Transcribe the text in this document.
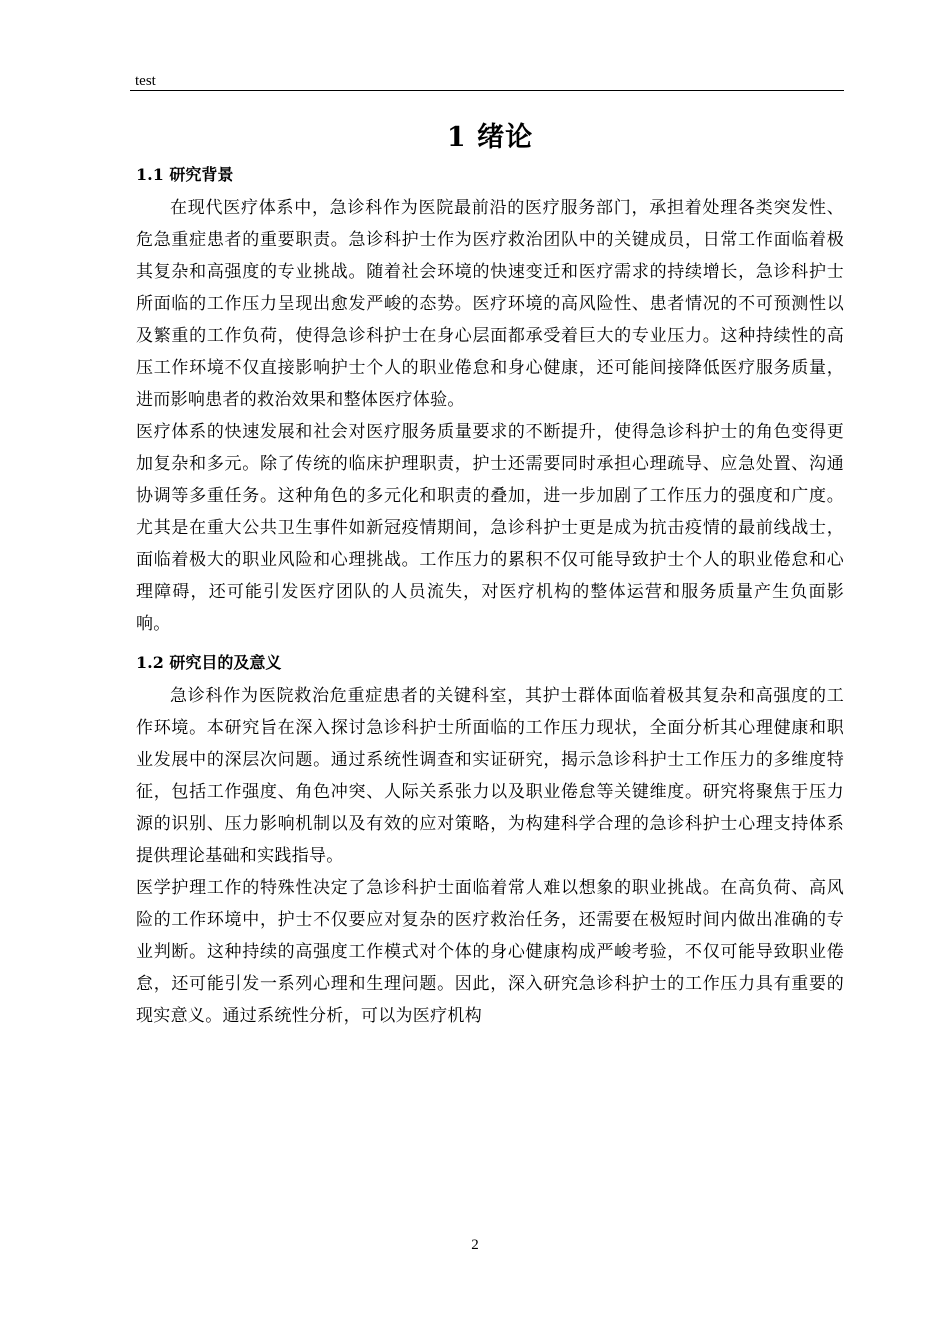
test
1 绪论
1.1 研究背景

在现代医疗体系中，急诊科作为医院最前沿的医疗服务部门，承担着处理各类突发性、危急重症患者的重要职责。急诊科护士作为医疗救治团队中的关键成员，日常工作面临着极其复杂和高强度的专业挑战。随着社会环境的快速变迁和医疗需求的持续增长，急诊科护士所面临的工作压力呈现出愈发严峻的态势。医疗环境的高风险性、患者情况的不可预测性以及繁重的工作负荷，使得急诊科护士在身心层面都承受着巨大的专业压力。这种持续性的高压工作环境不仅直接影响护士个人的职业倦怠和身心健康，还可能间接降低医疗服务质量，进而影响患者的救治效果和整体医疗体验。

医疗体系的快速发展和社会对医疗服务质量要求的不断提升，使得急诊科护士的角色变得更加复杂和多元。除了传统的临床护理职责，护士还需要同时承担心理疏导、应急处置、沟通协调等多重任务。这种角色的多元化和职责的叠加，进一步加剧了工作压力的强度和广度。尤其是在重大公共卫生事件如新冠疫情期间，急诊科护士更是成为抗击疫情的最前线战士，面临着极大的职业风险和心理挑战。工作压力的累积不仅可能导致护士个人的职业倦怠和心理障碍，还可能引发医疗团队的人员流失，对医疗机构的整体运营和服务质量产生负面影响。

1.2 研究目的及意义

急诊科作为医院救治危重症患者的关键科室，其护士群体面临着极其复杂和高强度的工作环境。本研究旨在深入探讨急诊科护士所面临的工作压力现状，全面分析其心理健康和职业发展中的深层次问题。通过系统性调查和实证研究，揭示急诊科护士工作压力的多维度特征，包括工作强度、角色冲突、人际关系张力以及职业倦怠等关键维度。研究将聚焦于压力源的识别、压力影响机制以及有效的应对策略，为构建科学合理的急诊科护士心理支持体系提供理论基础和实践指导。

医学护理工作的特殊性决定了急诊科护士面临着常人难以想象的职业挑战。在高负荷、高风险的工作环境中，护士不仅要应对复杂的医疗救治任务，还需要在极短时间内做出准确的专业判断。这种持续的高强度工作模式对个体的身心健康构成严峻考验，不仅可能导致职业倦怠，还可能引发一系列心理和生理问题。因此，深入研究急诊科护士的工作压力具有重要的现实意义。通过系统性分析，可以为医疗机构

2
